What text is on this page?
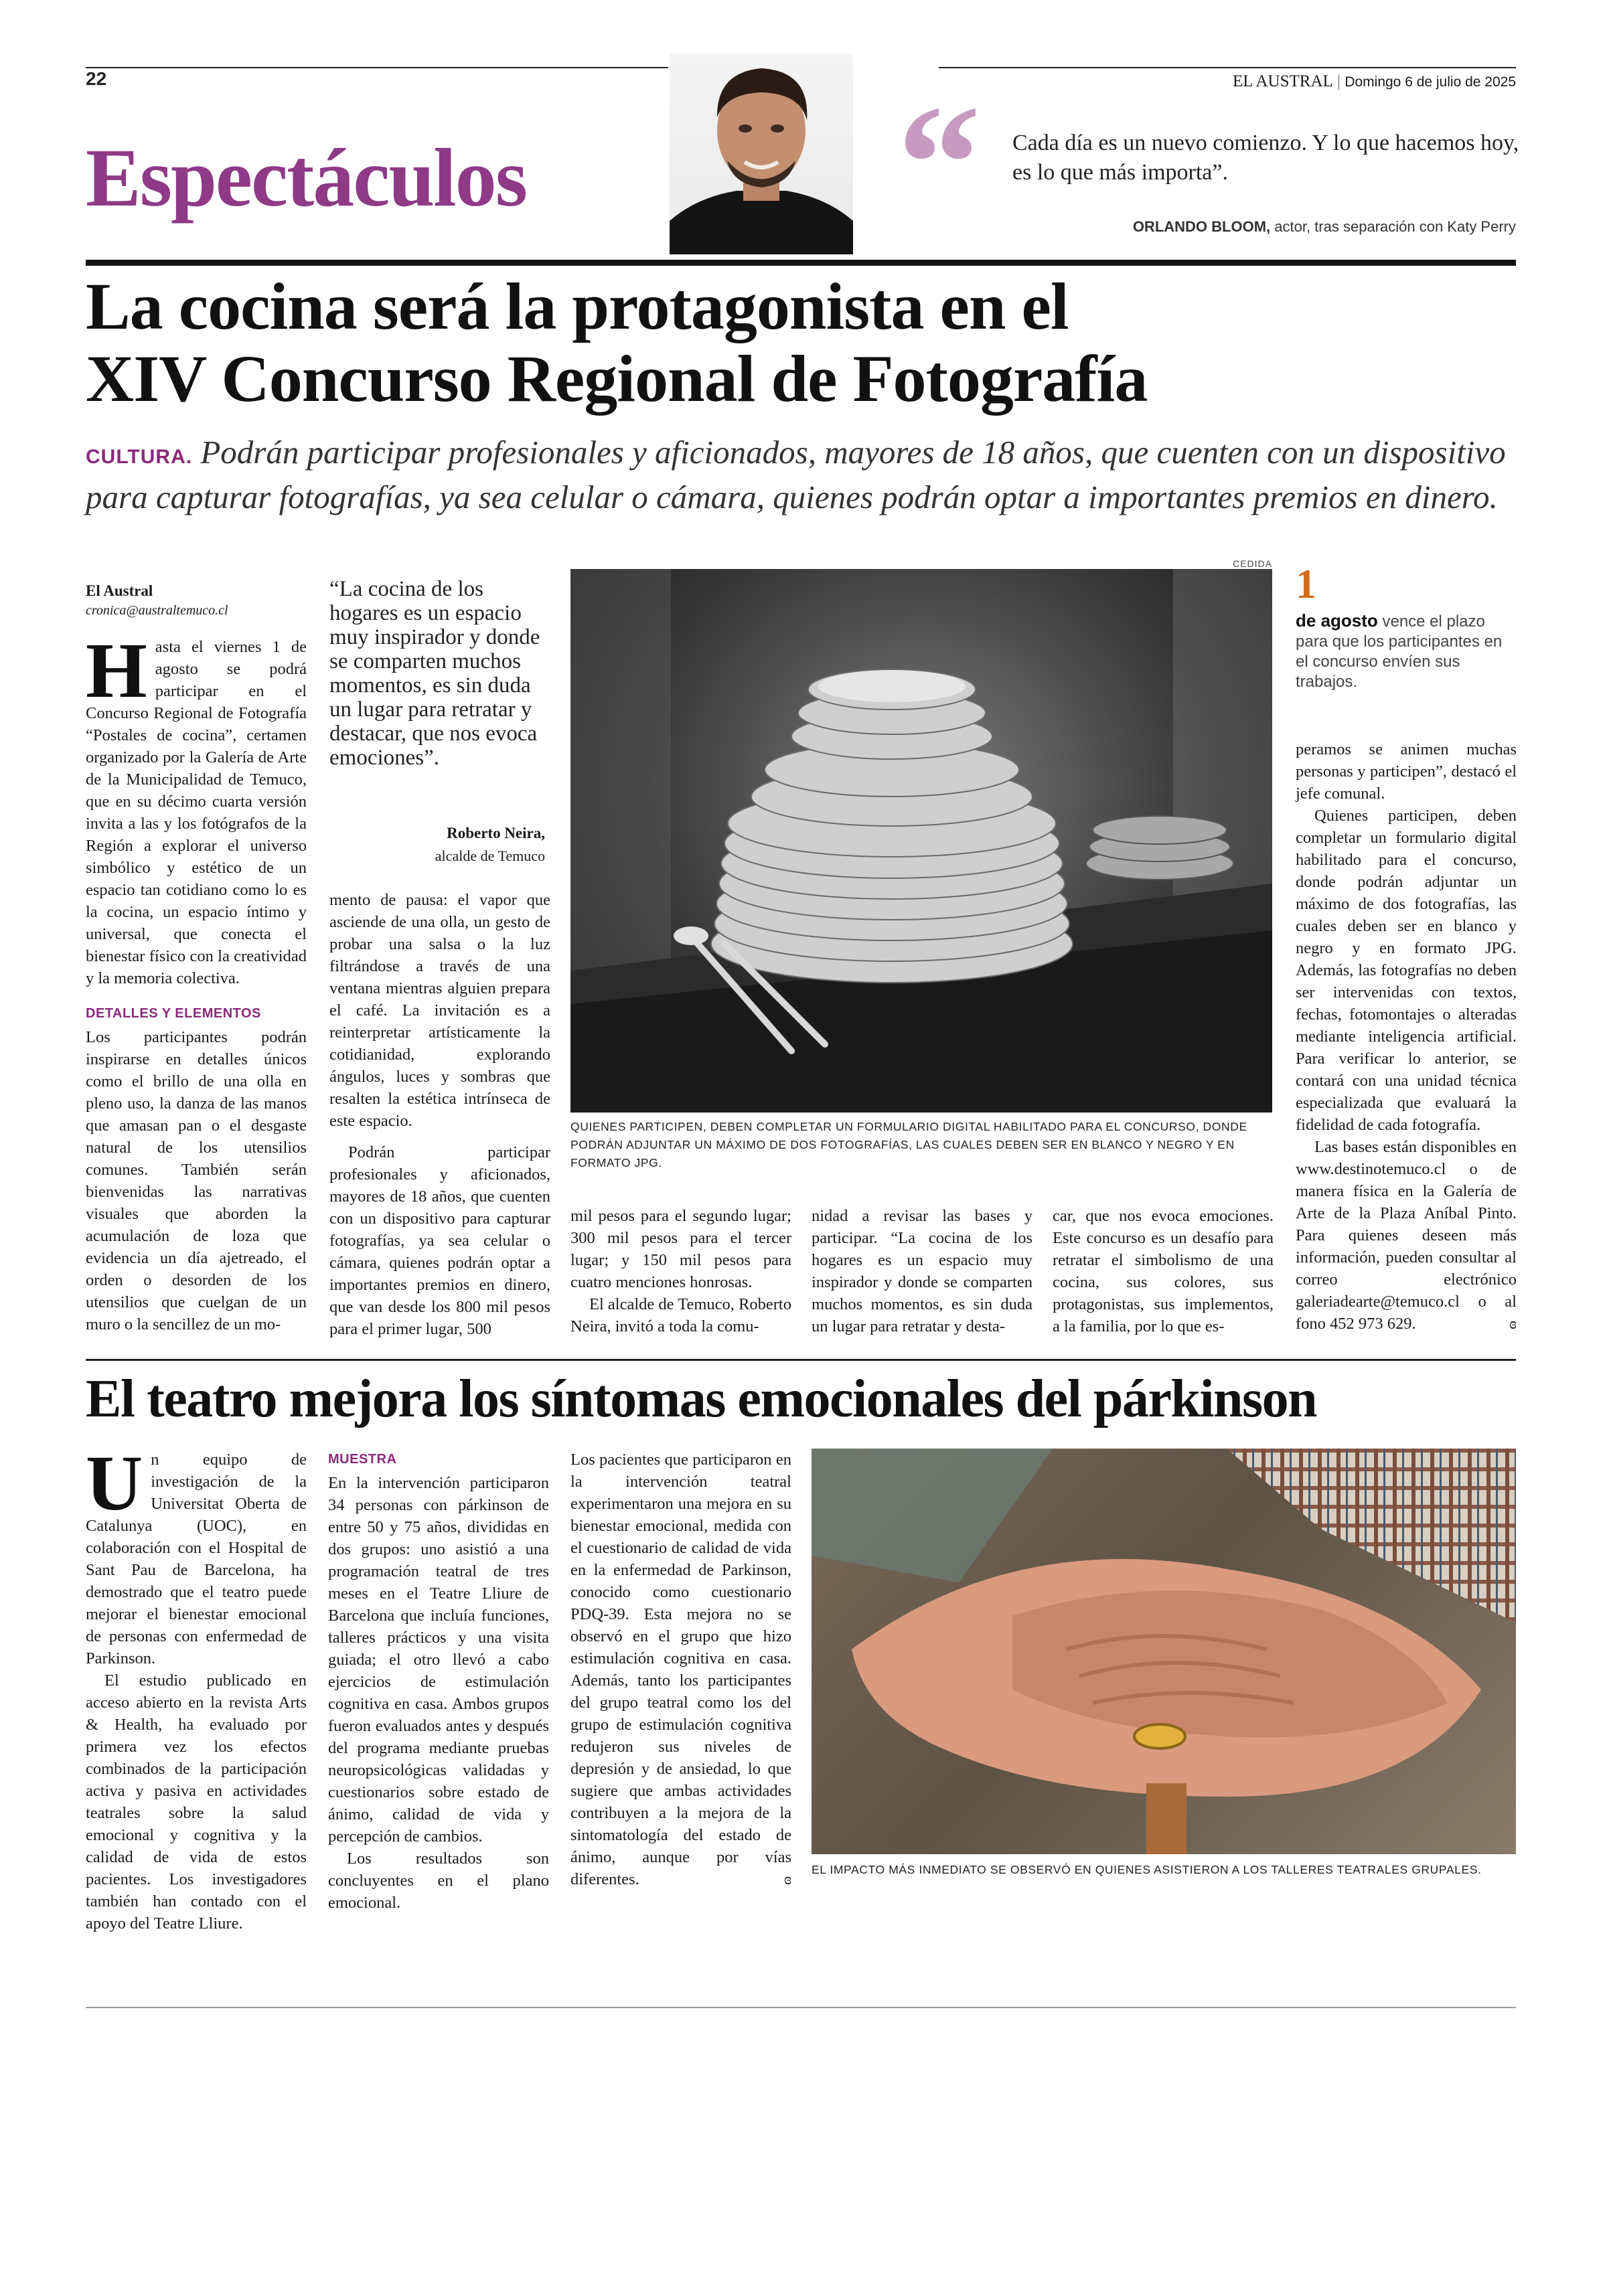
22	EL AUSTRAL | Domingo 6 de julio de 2025
Espectáculos “ Cada día es un nuevo comienzo. Y lo que hacemos hoy, es lo que más importa”.
ORLANDO BLOOM, actor, tras separación con Katy Perry
La cocina será la protagonista en el
XIV Concurso Regional de Fotografía
CULTURA. Podrán participar profesionales y aficionados, mayores de 18 años, que cuenten con un dispositivo para capturar fotografías, ya sea celular o cámara, quienes podrán optar a importantes premios en dinero.
El Austral
cronica@australtemuco.cl

Hasta el viernes 1 de agosto se podrá participar en el Concurso Regional de Fotografía “Postales de cocina”, certamen organizado por la Galería de Arte de la Municipalidad de Temuco, que en su décimo cuarta versión invita a las y los fotógrafos de la Región a explorar el universo simbólico y estético de un espacio tan cotidiano como lo es la cocina, un espacio íntimo y universal, que conecta el bienestar físico con la creatividad y la memoria colectiva.

DETALLES Y ELEMENTOS

Los participantes podrán inspirarse en detalles únicos como el brillo de una olla en pleno uso, la danza de las manos que amasan pan o el desgaste natural de los utensilios comunes. También serán bienvenidas las narrativas visuales que aborden la acumulación de loza que evidencia un día ajetreado, el orden o desorden de los utensilios que cuelgan de un muro o la sencillez de un mo-

“La cocina de los hogares es un espacio muy inspirador y donde se comparten muchos momentos, es sin duda un lugar para retratar y destacar, que nos evoca emociones”.
Roberto Neira,
alcalde de Temuco

mento de pausa: el vapor que asciende de una olla, un gesto de probar una salsa o la luz filtrándose a través de una ventana mientras alguien prepara el café. La invitación es a reinterpretar artísticamente la cotidianidad, explorando ángulos, luces y sombras que resalten la estética intrínseca de este espacio.

Podrán participar profesionales y aficionados, mayores de 18 años, que cuenten con un dispositivo para capturar fotografías, ya sea celular o cámara, quienes podrán optar a importantes premios en dinero, que van desde los 800 mil pesos para el primer lugar, 500

CEDIDA
QUIENES PARTICIPEN, DEBEN COMPLETAR UN FORMULARIO DIGITAL HABILITADO PARA EL CONCURSO, DONDE PODRÁN ADJUNTAR UN MÁXIMO DE DOS FOTOGRAFÍAS, LAS CUALES DEBEN SER EN BLANCO Y NEGRO Y EN FORMATO JPG.

mil pesos para el segundo lugar; 300 mil pesos para el tercer lugar; y 150 mil pesos para cuatro menciones honrosas.

El alcalde de Temuco, Roberto Neira, invitó a toda la comu-

nidad a revisar las bases y participar. “La cocina de los hogares es un espacio muy inspirador y donde se comparten muchos momentos, es sin duda un lugar para retratar y desta-

car, que nos evoca emociones. Este concurso es un desafío para retratar el simbolismo de una cocina, sus colores, sus protagonistas, sus implementos, a la familia, por lo que es-

1
de agosto vence el plazo para que los participantes en el concurso envíen sus trabajos.

peramos se animen muchas personas y participen”, destacó el jefe comunal.

Quienes participen, deben completar un formulario digital habilitado para el concurso, donde podrán adjuntar un máximo de dos fotografías, las cuales deben ser en blanco y negro y en formato JPG. Además, las fotografías no deben ser intervenidas con textos, fechas, fotomontajes o alteradas mediante inteligencia artificial. Para verificar lo anterior, se contará con una unidad técnica especializada que evaluará la fidelidad de cada fotografía.

Las bases están disponibles en www.destinotemuco.cl o de manera física en la Galería de Arte de la Plaza Aníbal Pinto. Para quienes deseen más información, pueden consultar al correo electrónico galeriadearte@temuco.cl o al fono 452 973 629.	ɞ

El teatro mejora los síntomas emocionales del párkinson

Un equipo de investigación de la Universitat Oberta de Catalunya (UOC), en colaboración con el Hospital de Sant Pau de Barcelona, ha demostrado que el teatro puede mejorar el bienestar emocional de personas con enfermedad de Parkinson.

El estudio publicado en acceso abierto en la revista Arts & Health, ha evaluado por primera vez los efectos combinados de la participación activa y pasiva en actividades teatrales sobre la salud emocional y cognitiva y la calidad de vida de estos pacientes. Los investigadores también han contado con el apoyo del Teatre Lliure.

MUESTRA

En la intervención participaron 34 personas con párkinson de entre 50 y 75 años, divididas en dos grupos: uno asistió a una programación teatral de tres meses en el Teatre Lliure de Barcelona que incluía funciones, talleres prácticos y una visita guiada; el otro llevó a cabo ejercicios de estimulación cognitiva en casa. Ambos grupos fueron evaluados antes y después del programa mediante pruebas neuropsicológicas validadas y cuestionarios sobre estado de ánimo, calidad de vida y percepción de cambios.

Los resultados son concluyentes en el plano emocional.

Los pacientes que participaron en la intervención teatral experimentaron una mejora en su bienestar emocional, medida con el cuestionario de calidad de vida en la enfermedad de Parkinson, conocido como cuestionario PDQ-39. Esta mejora no se observó en el grupo que hizo estimulación cognitiva en casa. Además, tanto los participantes del grupo teatral como los del grupo de estimulación cognitiva redujeron sus niveles de depresión y de ansiedad, lo que sugiere que ambas actividades contribuyen a la mejora de la sintomatología del estado de ánimo, aunque por vías diferentes.	ɞ

EL IMPACTO MÁS INMEDIATO SE OBSERVÓ EN QUIENES ASISTIERON A LOS TALLERES TEATRALES GRUPALES.
